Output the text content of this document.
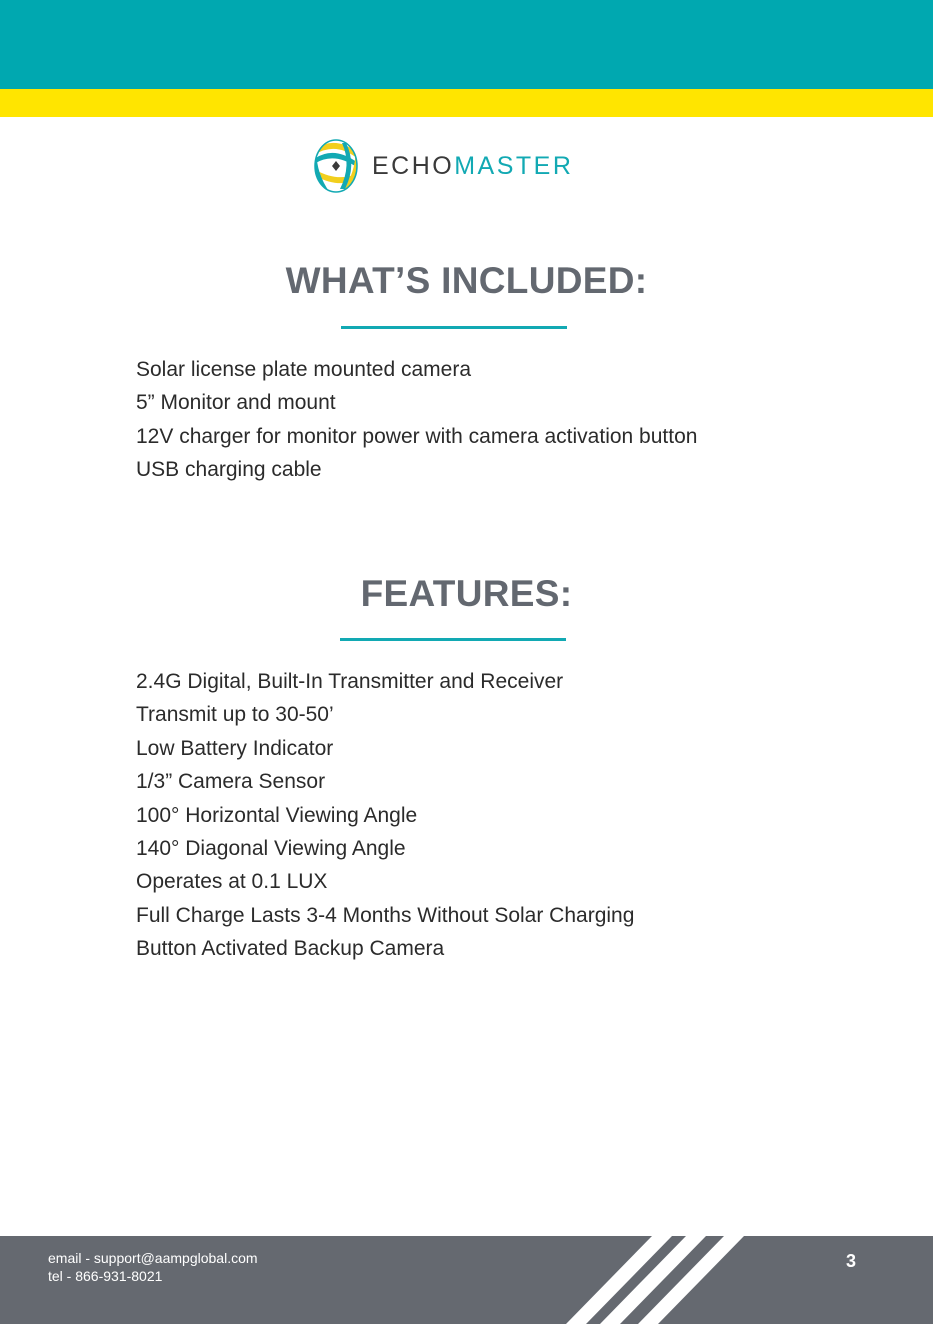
ECHOMASTER
WHAT’S INCLUDED:
Solar license plate mounted camera
5” Monitor and mount
12V charger for monitor power with camera activation button
USB charging cable
FEATURES:
2.4G Digital, Built-In Transmitter and Receiver
Transmit up to 30-50’
Low Battery Indicator
1/3” Camera Sensor
100° Horizontal Viewing Angle
140° Diagonal Viewing Angle
Operates at 0.1 LUX
Full Charge Lasts 3-4 Months Without Solar Charging
Button Activated Backup Camera
email - support@aampglobal.com
tel - 866-931-8021
3
